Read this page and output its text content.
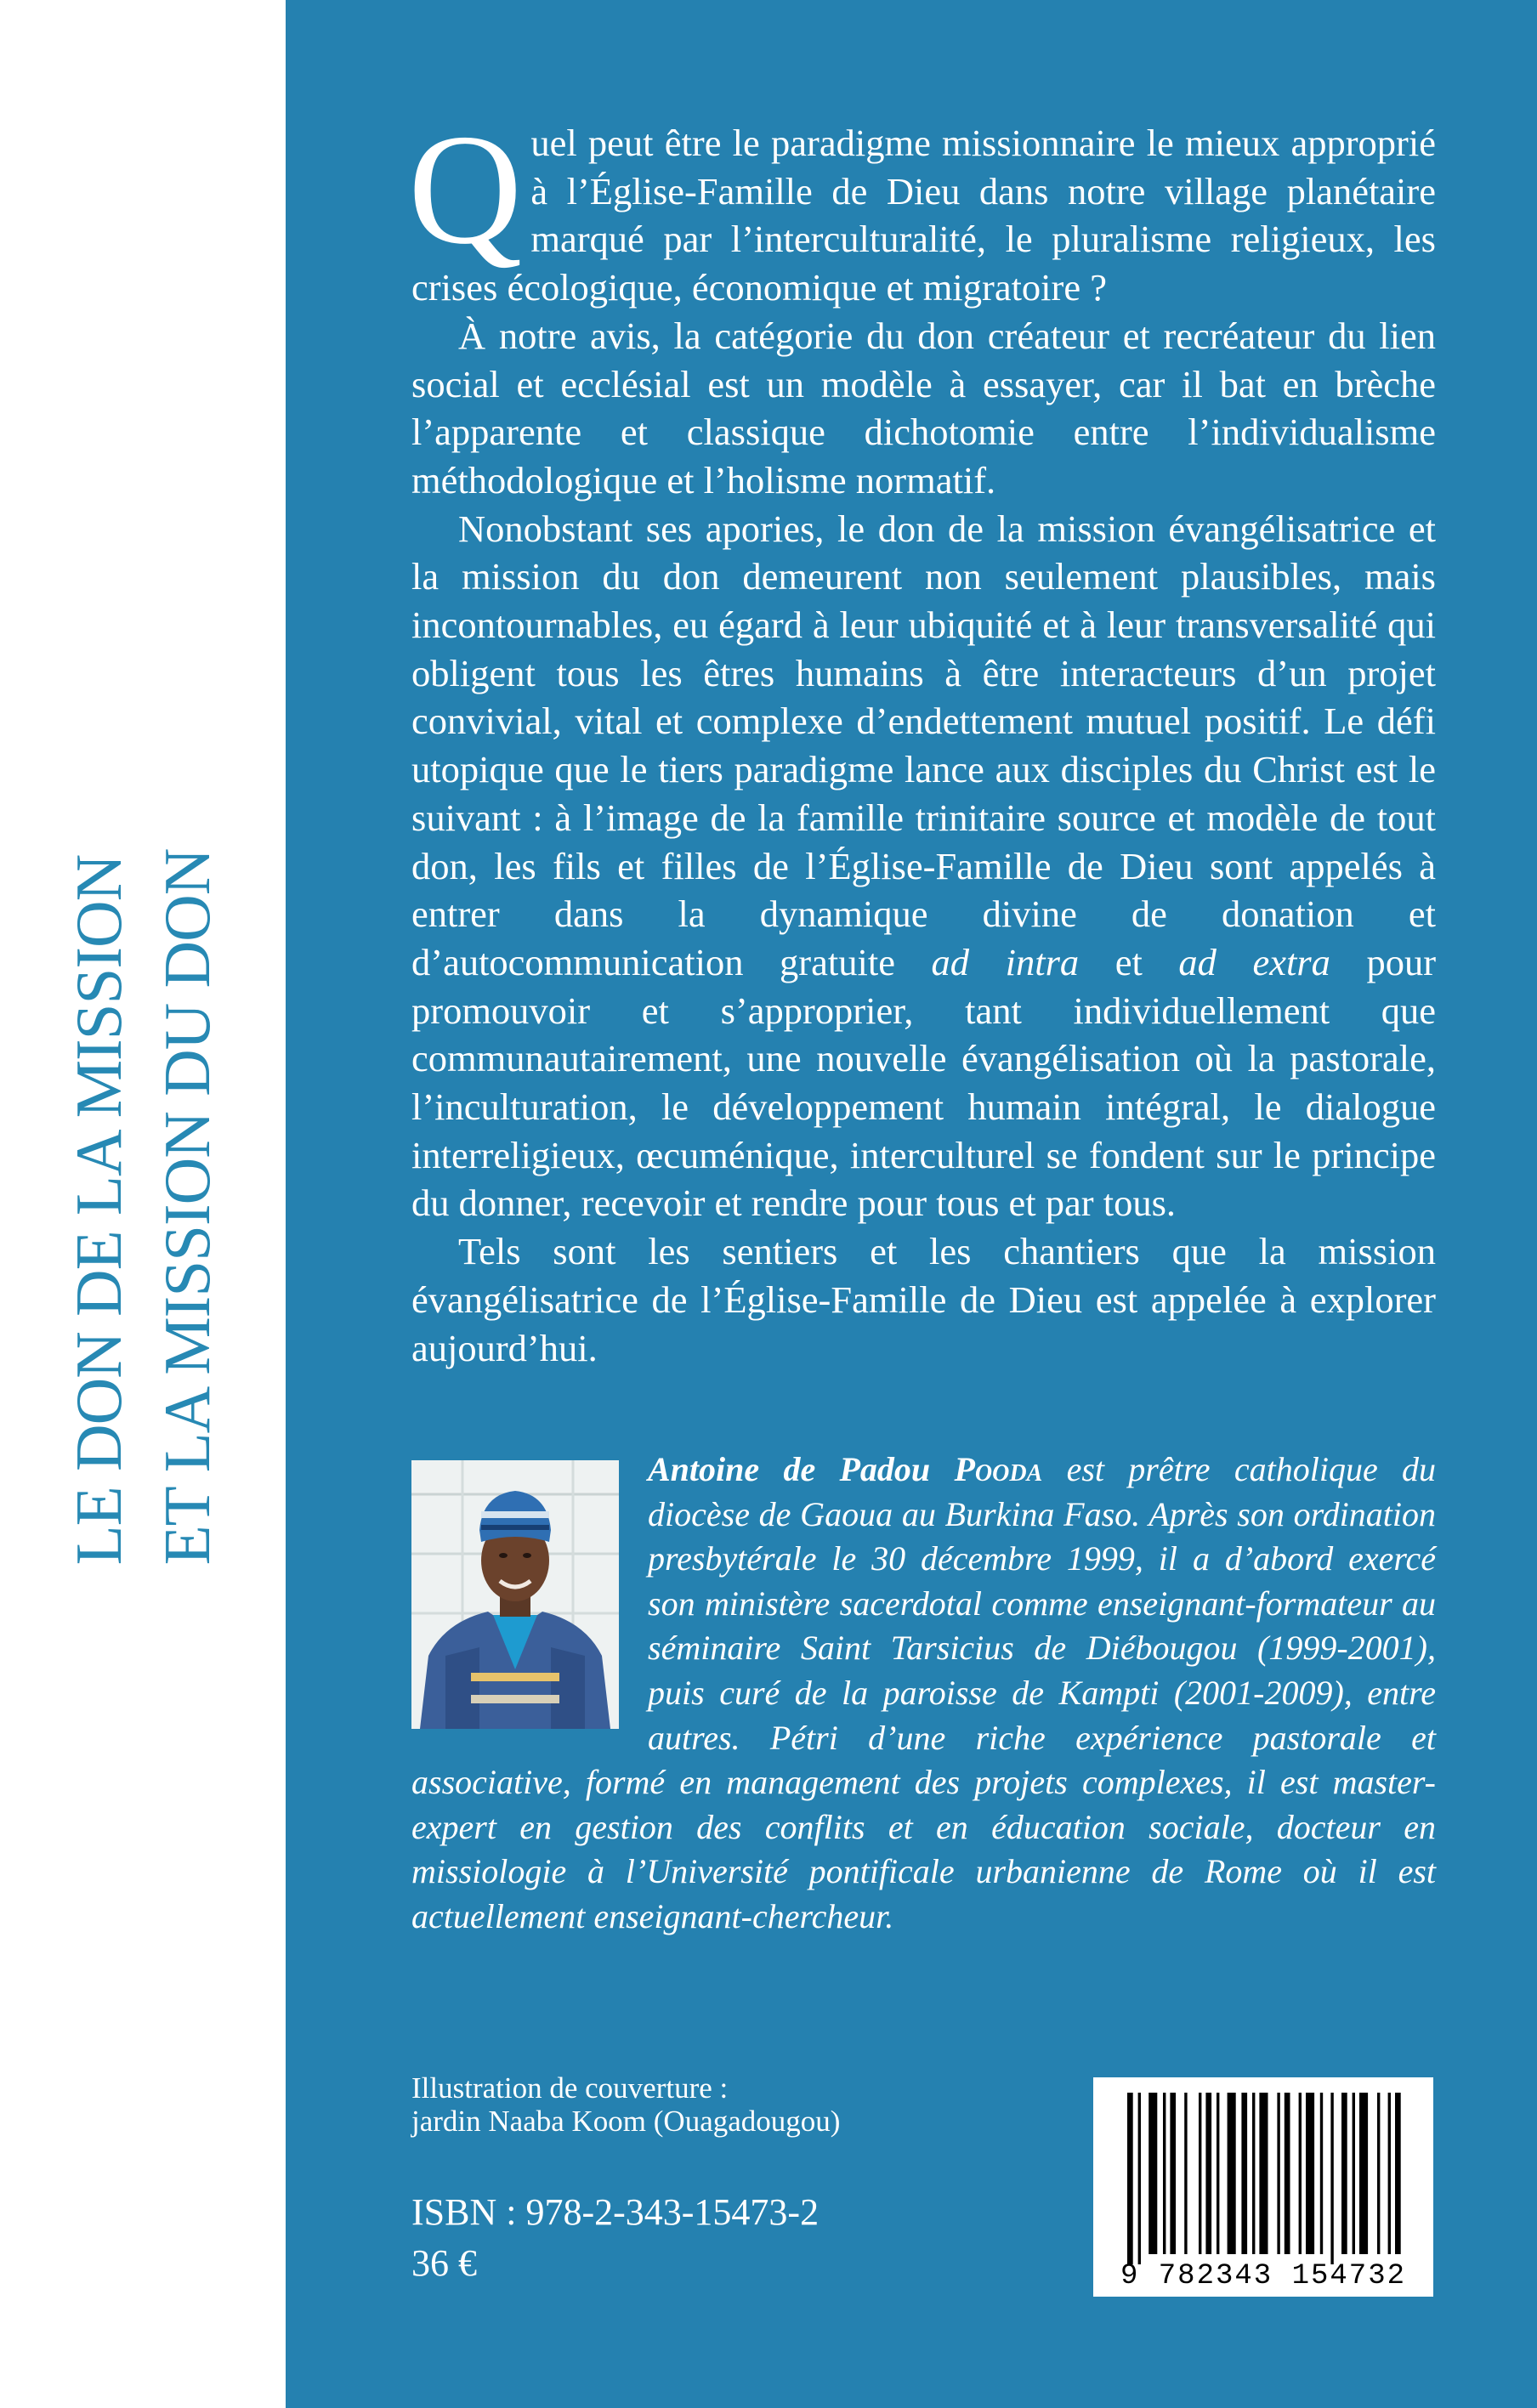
LE DON DE LA MISSION ET LA MISSION DU DON

Quel peut être le paradigme missionnaire le mieux approprié à l’Église-Famille de Dieu dans notre village planétaire marqué par l’interculturalité, le pluralisme religieux, les crises écologique, économique et migratoire ?

À notre avis, la catégorie du don créateur et recréateur du lien social et ecclésial est un modèle à essayer, car il bat en brèche l’apparente et classique dichotomie entre l’individualisme méthodologique et l’holisme normatif.

Nonobstant ses apories, le don de la mission évangélisatrice et la mission du don demeurent non seulement plausibles, mais incontournables, eu égard à leur ubiquité et à leur transversalité qui obligent tous les êtres humains à être interacteurs d’un projet convivial, vital et complexe d’endettement mutuel positif. Le défi utopique que le tiers paradigme lance aux disciples du Christ est le suivant : à l’image de la famille trinitaire source et modèle de tout don, les fils et filles de l’Église-Famille de Dieu sont appelés à entrer dans la dynamique divine de donation et d’autocommunication gratuite ad intra et ad extra pour promouvoir et s’approprier, tant individuellement que communautairement, une nouvelle évangélisation où la pastorale, l’inculturation, le développement humain intégral, le dialogue interreligieux, œcuménique, interculturel se fondent sur le principe du donner, recevoir et rendre pour tous et par tous.

Tels sont les sentiers et les chantiers que la mission évangélisatrice de l’Église-Famille de Dieu est appelée à explorer aujourd’hui.

Antoine de Padou Pooda est prêtre catholique du diocèse de Gaoua au Burkina Faso. Après son ordination presbytérale le 30 décembre 1999, il a d’abord exercé son ministère sacerdotal comme enseignant-formateur au séminaire Saint Tarsicius de Diébougou (1999-2001), puis curé de la paroisse de Kampti (2001-2009), entre autres. Pétri d’une riche expérience pastorale et associative, formé en management des projets complexes, il est master-expert en gestion des conflits et en éducation sociale, docteur en missiologie à l’Université pontificale urbanienne de Rome où il est actuellement enseignant-chercheur.
Illustration de couverture :
jardin Naaba Koom (Ouagadougou)
ISBN : 978-2-343-15473-2
36 €	9 782343 154732
